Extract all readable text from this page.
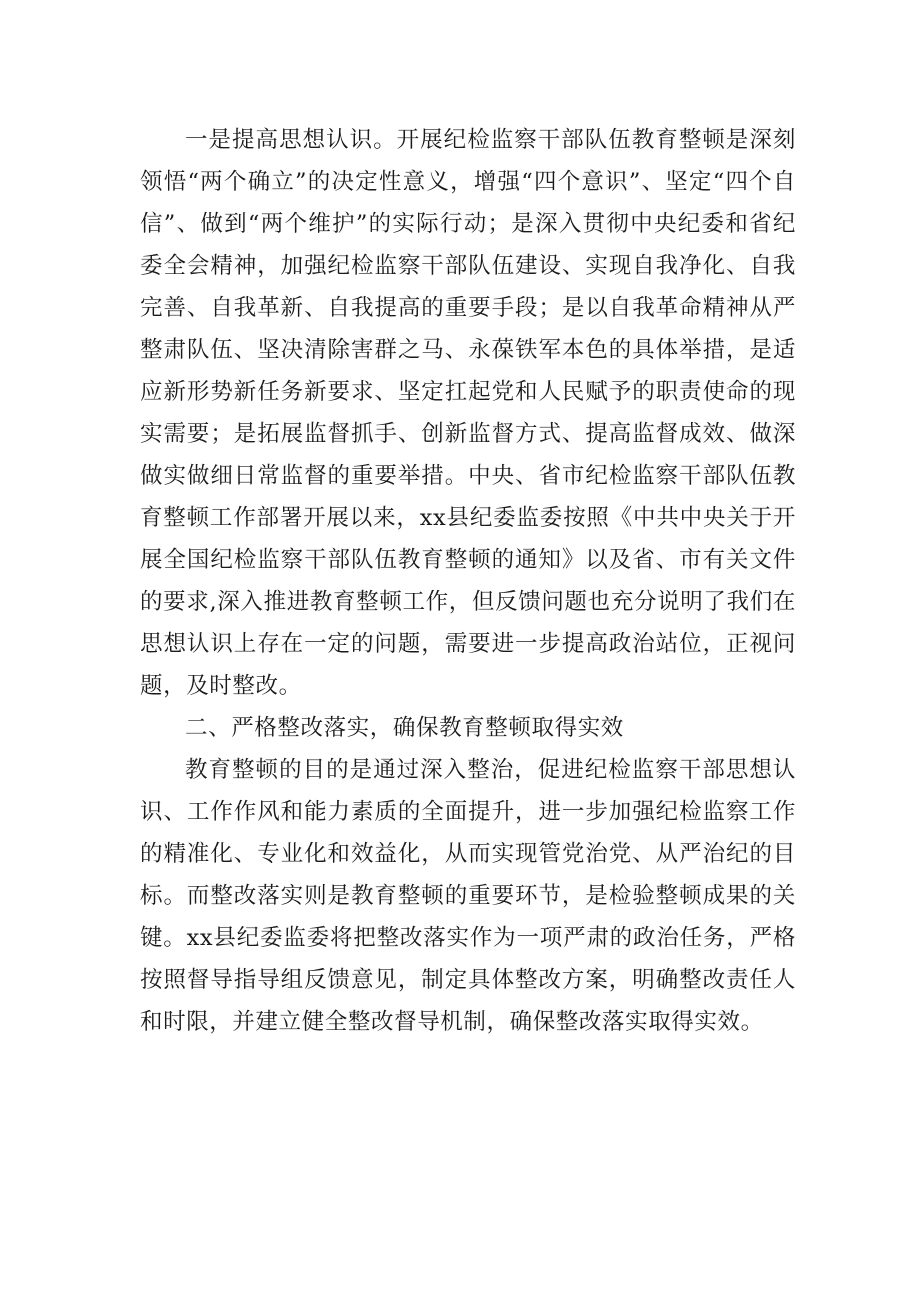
一是提高思想认识。开展纪检监察干部队伍教育整顿是深刻领悟“两个确立”的决定性意义，增强“四个意识”、坚定“四个自信”、做到“两个维护”的实际行动；是深入贯彻中央纪委和省纪委全会精神，加强纪检监察干部队伍建设、实现自我净化、自我完善、自我革新、自我提高的重要手段；是以自我革命精神从严整肃队伍、坚决清除害群之马、永葆铁军本色的具体举措，是适应新形势新任务新要求、坚定扛起党和人民赋予的职责使命的现实需要；是拓展监督抓手、创新监督方式、提高监督成效、做深做实做细日常监督的重要举措。中央、省市纪检监察干部队伍教育整顿工作部署开展以来，xx县纪委监委按照《中共中央关于开展全国纪检监察干部队伍教育整顿的通知》以及省、市有关文件的要求,深入推进教育整顿工作，但反馈问题也充分说明了我们在思想认识上存在一定的问题，需要进一步提高政治站位，正视问题，及时整改。

二、严格整改落实，确保教育整顿取得实效

教育整顿的目的是通过深入整治，促进纪检监察干部思想认识、工作作风和能力素质的全面提升，进一步加强纪检监察工作的精准化、专业化和效益化，从而实现管党治党、从严治纪的目标。而整改落实则是教育整顿的重要环节，是检验整顿成果的关键。xx县纪委监委将把整改落实作为一项严肃的政治任务，严格按照督导指导组反馈意见，制定具体整改方案，明确整改责任人和时限，并建立健全整改督导机制，确保整改落实取得实效。
